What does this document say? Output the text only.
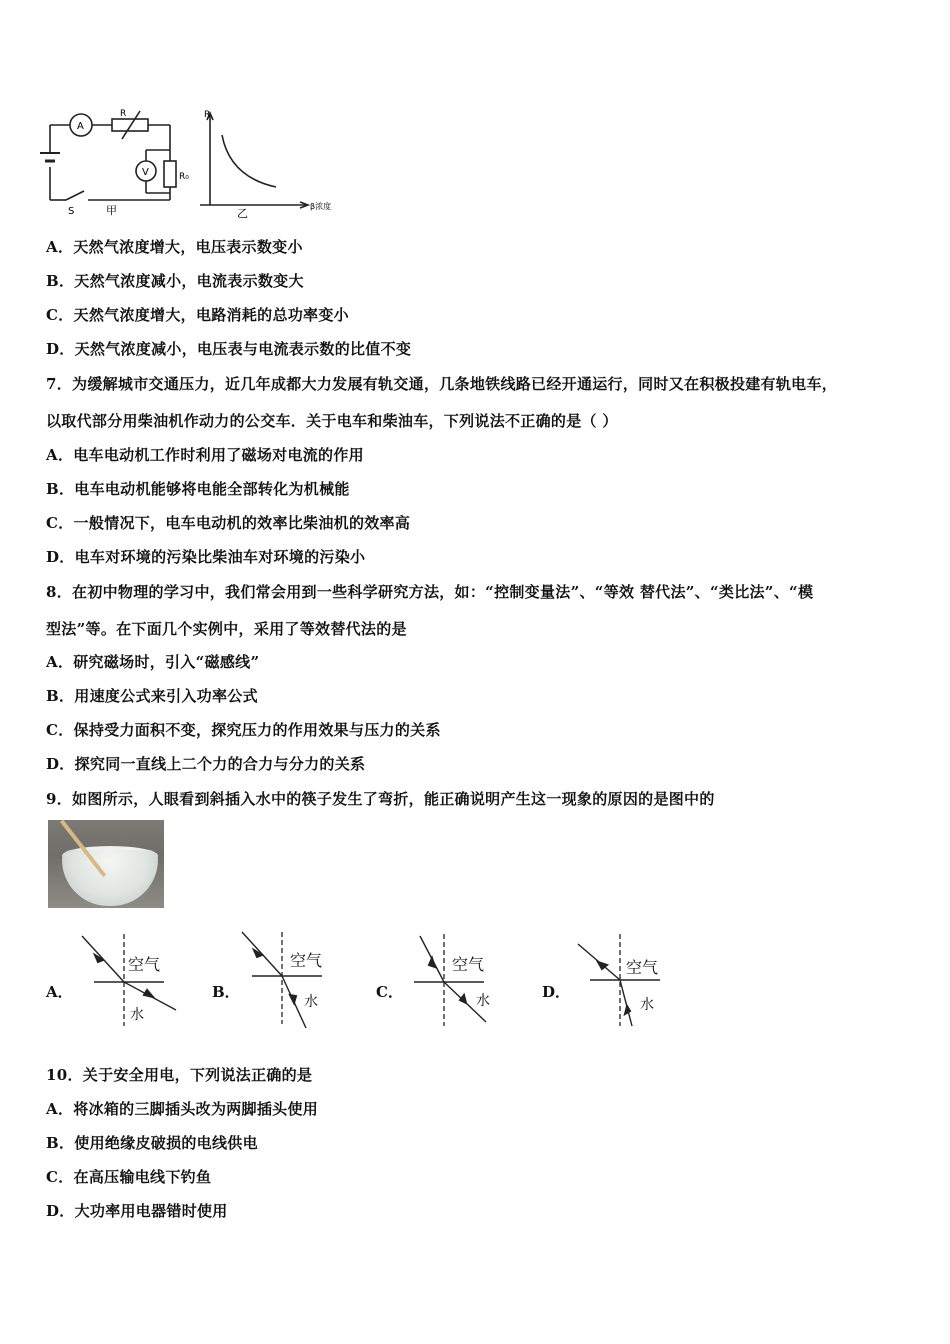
A
V
R
R₀
S	甲
R
β浓度
乙
A．天然气浓度增大，电压表示数变小
B．天然气浓度减小，电流表示数变大
C．天然气浓度增大，电路消耗的总功率变小
D．天然气浓度减小，电压表与电流表示数的比值不变
7．为缓解城市交通压力，近几年成都大力发展有轨交通，几条地铁线路已经开通运行，同时又在积极投建有轨电车，
以取代部分用柴油机作动力的公交车．关于电车和柴油车，下列说法不正确的是（ ）
A．电车电动机工作时利用了磁场对电流的作用
B．电车电动机能够将电能全部转化为机械能
C．一般情况下，电车电动机的效率比柴油机的效率高
D．电车对环境的污染比柴油车对环境的污染小
8．在初中物理的学习中，我们常会用到一些科学研究方法，如：“控制变量法”、“等效 替代法”、“类比法”、“模
型法”等。在下面几个实例中，采用了等效替代法的是
A．研究磁场时，引入“磁感线”
B．用速度公式来引入功率公式
C．保持受力面积不变，探究压力的作用效果与压力的关系
D．探究同一直线上二个力的合力与分力的关系
9．如图所示，人眼看到斜插入水中的筷子发生了弯折，能正确说明产生这一现象的原因的是图中的
A．
空气
水
B．
空气
水
C．
空气
水	D．
空气
水
10．关于安全用电，下列说法正确的是
A．将冰箱的三脚插头改为两脚插头使用
B．使用绝缘皮破损的电线供电
C．在高压输电线下钓鱼
D．大功率用电器错时使用
